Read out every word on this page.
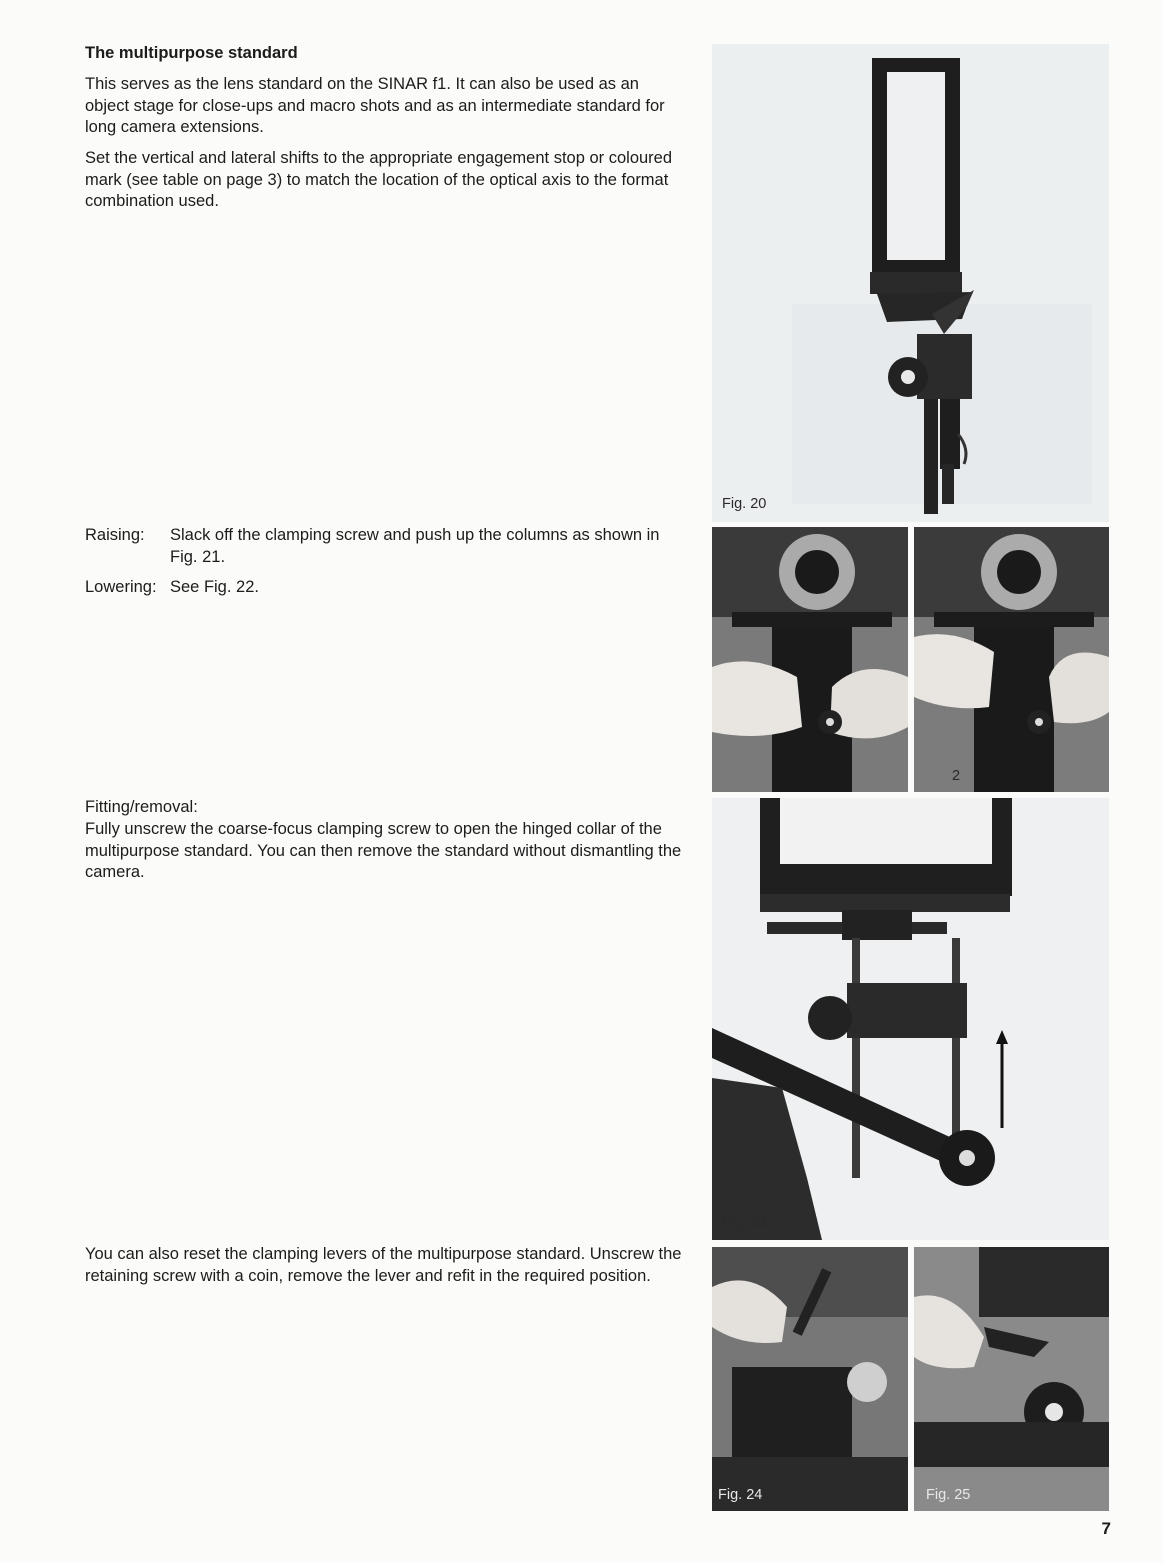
The multipurpose standard

This serves as the lens standard on the SINAR f1. It can also be used as an object stage for close-ups and macro shots and as an intermediate standard for long camera extensions.

Set the vertical and lateral shifts to the appropriate engagement stop or coloured mark (see table on page 3) to match the location of the optical axis to the format combination used.

Raising: Slack off the clamping screw and push up the columns as shown in Fig. 21.
Lowering: See Fig. 22.

Fitting/removal:

Fully unscrew the coarse-focus clamping screw to open the hinged collar of the multipurpose standard. You can then remove the standard without dismantling the camera.

You can also reset the clamping levers of the multipurpose standard. Unscrew the retaining screw with a coin, remove the lever and refit in the required position.

Fig. 20
2
Fig. 23
Fig. 24	Fig. 25
7
